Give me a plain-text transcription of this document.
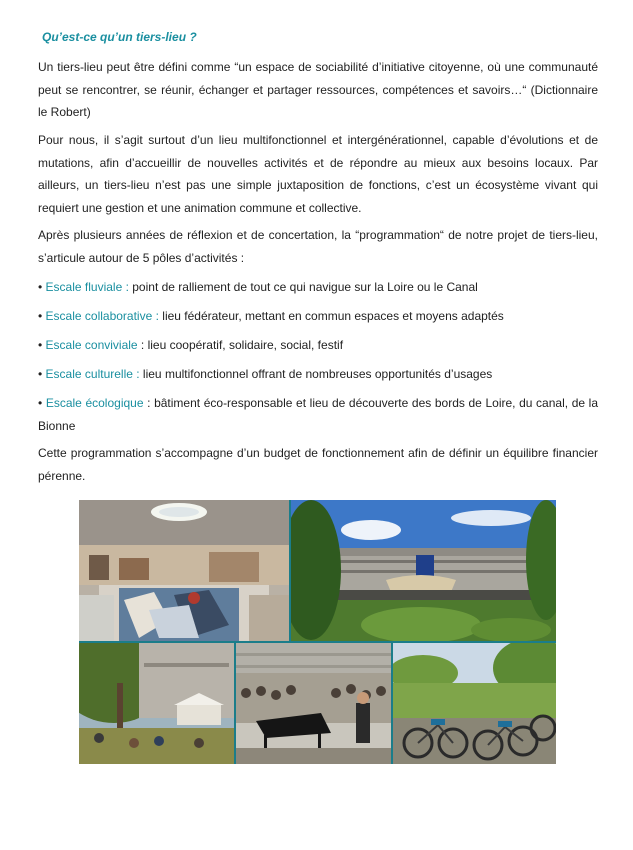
Qu’est-ce qu’un tiers-lieu ?

Un tiers-lieu peut être défini comme “un espace de sociabilité d’initiative citoyenne, où une communauté peut se rencontrer, se réunir, échanger et partager ressources, compétences et savoirs…“ (Dictionnaire le Robert)

Pour nous, il s’agit surtout d’un lieu multifonctionnel et intergénérationnel, capable d’évolutions et de mutations, afin d’accueillir de nouvelles activités et de répondre au mieux aux besoins locaux. Par ailleurs, un tiers-lieu n’est pas une simple juxtaposition de fonctions, c’est un écosystème vivant qui requiert une gestion et une animation commune et collective.

Après plusieurs années de réflexion et de concertation, la “programmation“ de notre projet de tiers-lieu, s’articule autour de 5 pôles d’activités :

• Escale fluviale : point de ralliement de tout ce qui navigue sur la Loire ou le Canal

• Escale collaborative : lieu fédérateur, mettant en commun espaces et moyens adaptés

• Escale conviviale : lieu coopératif, solidaire, social, festif

• Escale culturelle : lieu multifonctionnel offrant de nombreuses opportunités d’usages

• Escale écologique : bâtiment éco-responsable et lieu de découverte des bords de Loire, du canal, de la Bionne

Cette programmation s’accompagne d’un budget de fonctionnement afin de définir un équilibre financier pérenne.
